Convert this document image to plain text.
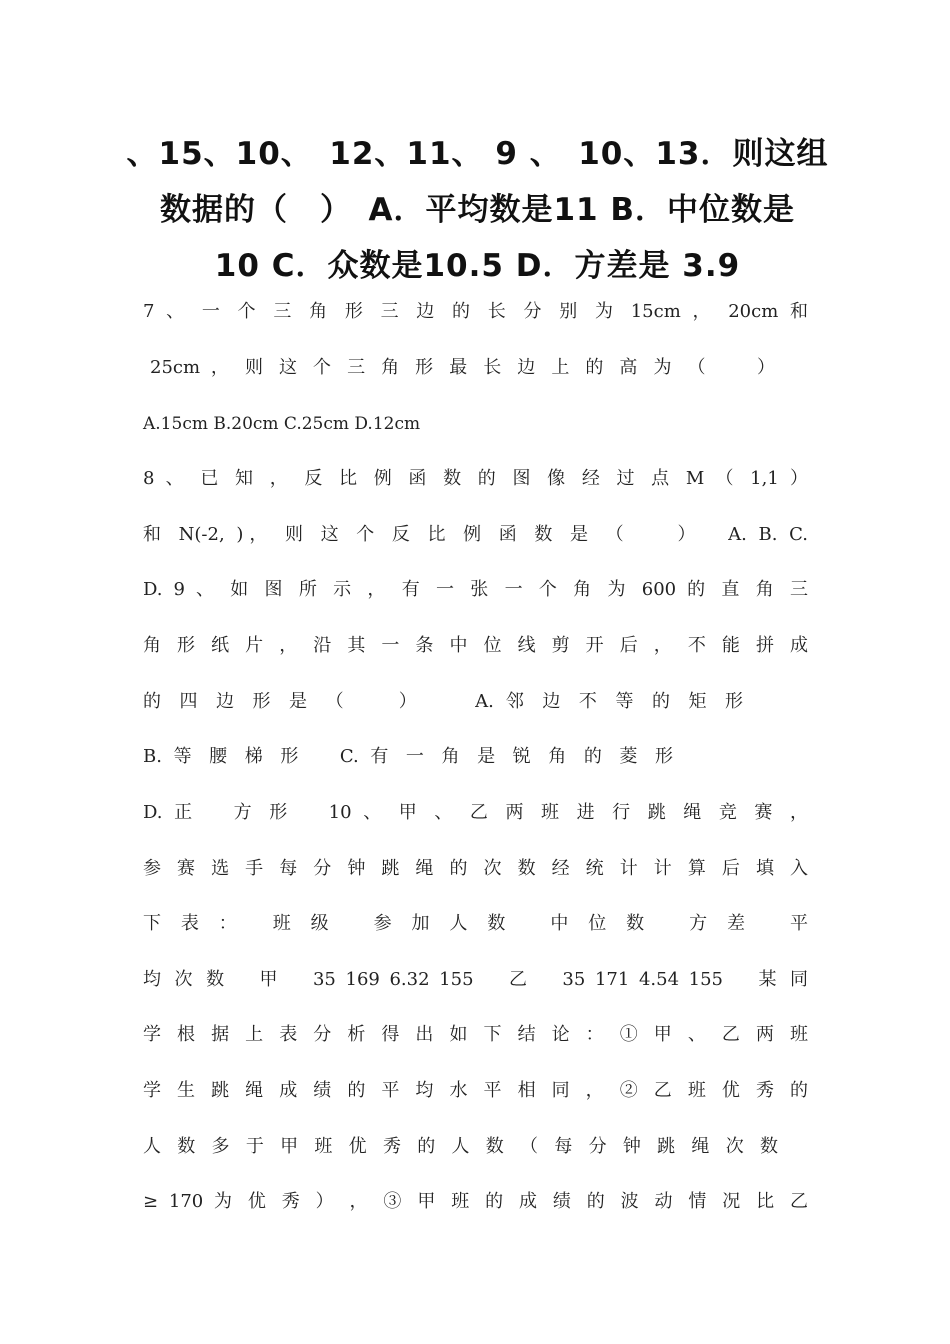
、15、10、　12、11、 9 、　10、13．则这组
数据的（　）　A．平均数是11 B．中位数是
10 C．众数是10.5 D．方差是 3.9
7 、 一 个 三 角 形 三 边 的 长 分 别 为 15cm ， 20cm 和
25cm ， 则 这 个 三 角 形 最 长 边 上 的 高 为 （　　）
A.15cm B.20cm C.25cm D.12cm
8 、 已 知 ， 反 比 例 函 数 的 图 像 经 过 点 M （ 1,1 ）
和 N(-2, )， 则 这 个 反 比 例 函 数 是 （　　）　 A. B. C.
D. 9 、 如 图 所 示 ， 有 一 张 一 个 角 为 600 的 直 角 三
角 形 纸 片 ， 沿 其 一 条 中 位 线 剪 开 后 ， 不 能 拼 成
的 四 边 形 是 （　　）　　 A. 邻 边 不 等 的 矩 形
B. 等 腰 梯 形　 C. 有 一 角 是 锐 角 的 菱 形
D. 正　 方 形　 10 、 甲 、 乙 两 班 进 行 跳 绳 竞 赛 ，
参 赛 选 手 每 分 钟 跳 绳 的 次 数 经 统 计 计 算 后 填 入
下 表 ：　 班 级　 参 加 人 数　 中 位 数　 方 差　 平
均 次 数　 甲　 35 169 6.32 155　 乙　 35 171 4.54 155　 某 同
学 根 据 上 表 分 析 得 出 如 下 结 论 ： ① 甲 、 乙 两 班
学 生 跳 绳 成 绩 的 平 均 水 平 相 同 ， ② 乙 班 优 秀 的
人 数 多 于 甲 班 优 秀 的 人 数 （ 每 分 钟 跳 绳 次 数
≥ 170 为 优 秀 ） ， ③ 甲 班 的 成 绩 的 波 动 情 况 比 乙
